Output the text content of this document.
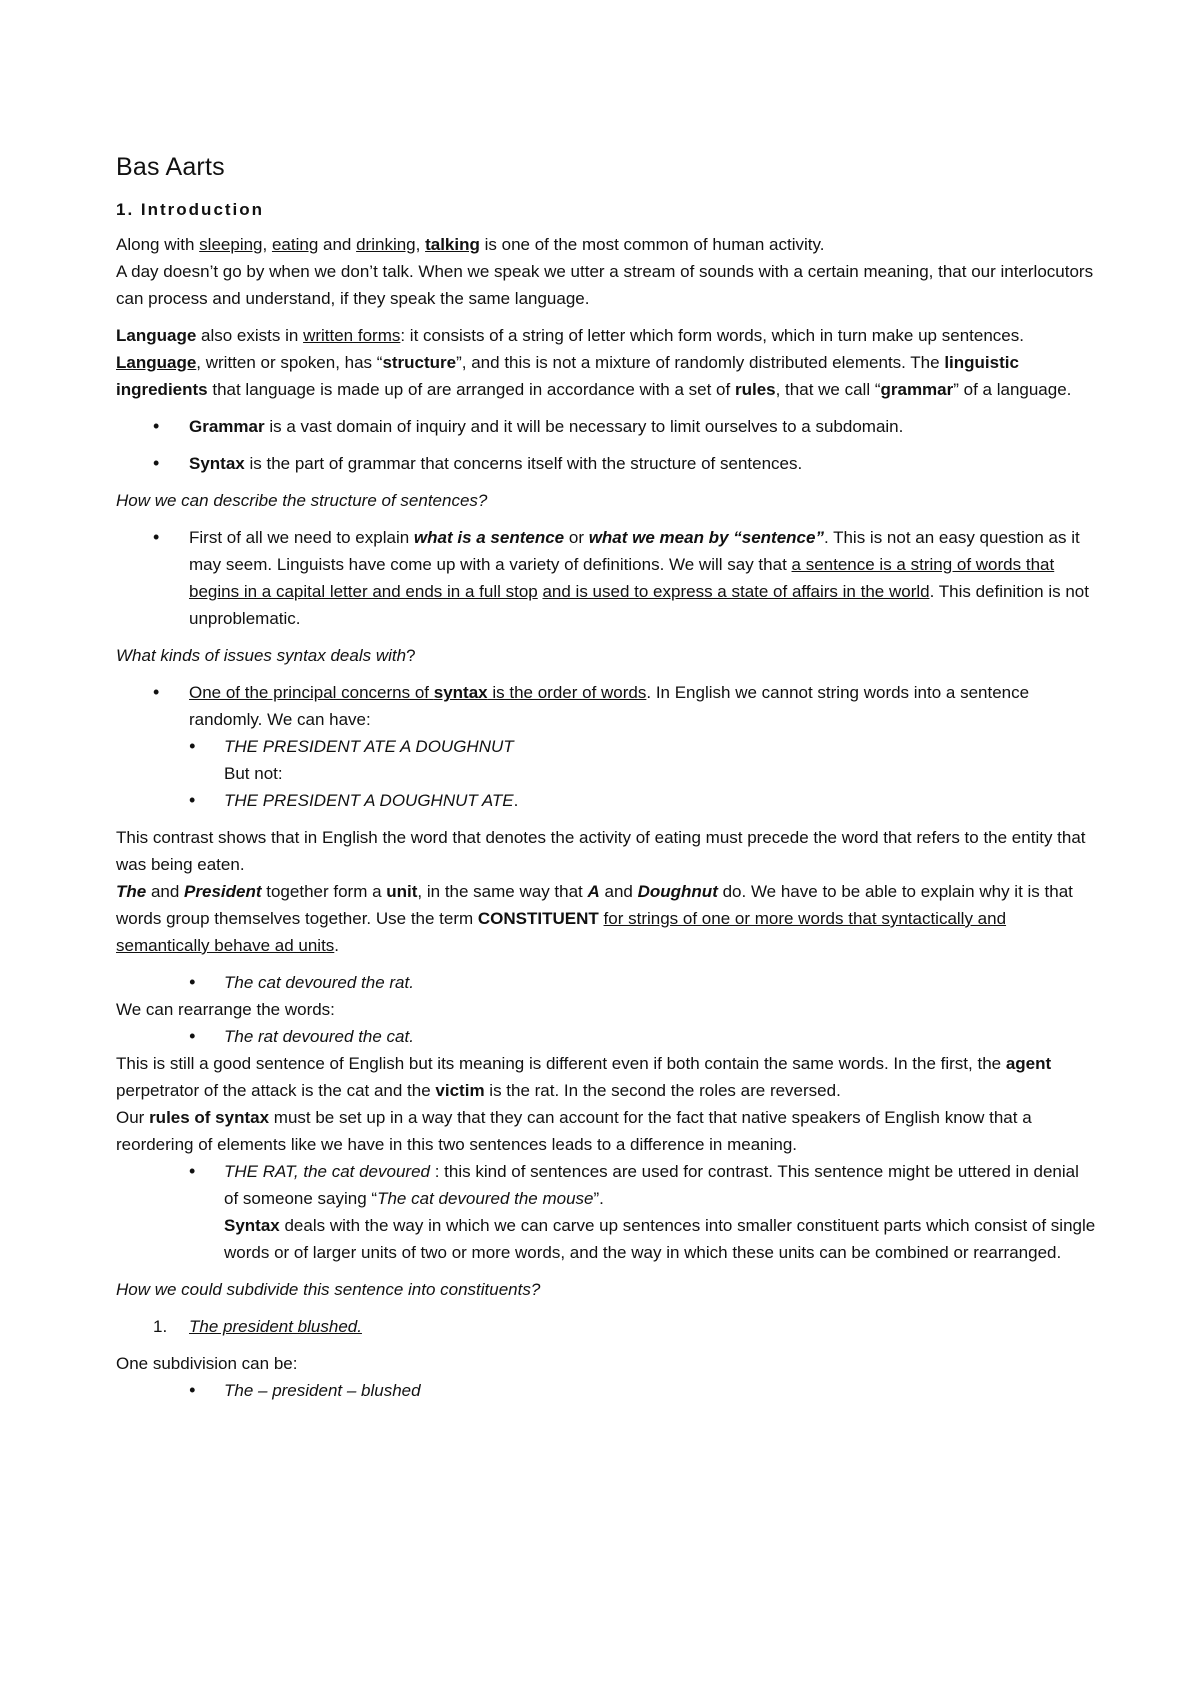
Bas Aarts
1. Introduction

Along with sleeping, eating and drinking, talking is one of the most common of human activity.

A day doesn’t go by when we don’t talk. When we speak we utter a stream of sounds with a certain meaning, that our interlocutors can process and understand, if they speak the same language.

Language also exists in written forms: it consists of a string of letter which form words, which in turn make up sentences. Language, written or spoken, has “structure”, and this is not a mixture of randomly distributed elements. The linguistic ingredients that language is made up of are arranged in accordance with a set of rules, that we call “grammar” of a language.

• Grammar is a vast domain of inquiry and it will be necessary to limit ourselves to a subdomain.
• Syntax is the part of grammar that concerns itself with the structure of sentences.
How we can describe the structure of sentences?
• First of all we need to explain what is a sentence or what we mean by “sentence”. This is not an easy question as it may seem. Linguists have come up with a variety of definitions. We will say that a sentence is a string of words that begins in a capital letter and ends in a full stop and is used to express a state of affairs in the world. This definition is not unproblematic.
What kinds of issues syntax deals with?
• One of the principal concerns of syntax is the order of words. In English we cannot string words into a sentence randomly. We can have:
• THE PRESIDENT ATE A DOUGHNUT
But not:
• THE PRESIDENT A DOUGHNUT ATE.

This contrast shows that in English the word that denotes the activity of eating must precede the word that refers to the entity that was being eaten.

The and President together form a unit, in the same way that A and Doughnut do. We have to be able to explain why it is that words group themselves together. Use the term CONSTITUENT for strings of one or more words that syntactically and semantically behave ad units.

• The cat devoured the rat.
We can rearrange the words:
• The rat devoured the cat.
This is still a good sentence of English but its meaning is different even if both contain the same words. In the first, the agent perpetrator of the attack is the cat and the victim is the rat. In the second the roles are reversed.
Our rules of syntax must be set up in a way that they can account for the fact that native speakers of English know that a reordering of elements like we have in this two sentences leads to a difference in meaning.
• THE RAT, the cat devoured : this kind of sentences are used for contrast. This sentence might be uttered in denial of someone saying “The cat devoured the mouse”.
Syntax deals with the way in which we can carve up sentences into smaller constituent parts which consist of single words or of larger units of two or more words, and the way in which these units can be combined or rearranged.
How we could subdivide this sentence into constituents?
1. The president blushed.
One subdivision can be:
• The – president – blushed
